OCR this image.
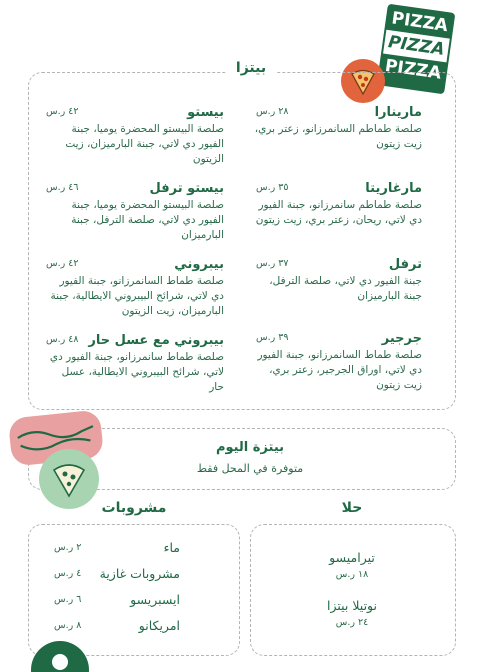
PIZZA
PIZZA
PIZZA
بيتزا
مارينارا
صلصة طماطم السانمرزانو، زعتر بري، زيت زيتون
٢٨ ر.س
مارغاريتا
صلصة طماطم سانمرزانو، جبنة الفيور دي لاتي، ريحان، زعتر بري، زيت زيتون
٣٥ ر.س
ترفل
جبنة الفيور دي لاتي، صلصة الترفل، جبنة البارميزان
٣٧ ر.س
جرجير
صلصة طماط السانمرزانو، جبنة الفيور دي لاتي، اوراق الجرجير، زعتر بري، زيت زيتون
٣٩ ر.س
بيستو
صلصة البيستو المحضرة يوميا، جبنة الفيور دي لاتي، جبنة البارميزان، زيت الزيتون
٤٢ ر.س
بيستو ترفل
صلصة البيستو المحضرة يوميا، جبنة الفيور دي لاتي، صلصة الترفل، جبنة البارميزان
٤٦ ر.س
بيبروني
صلصة طماط السانمرزانو، جبنة الفيور دي لاتي، شرائح البيبروني الايطالية، جبنة البارميزان، زيت الزيتون
٤٢ ر.س
بيبروني مع عسل حار
صلصة طماط سانمرزانو، جبنة الفيور دي لاتي، شرائح البيبروني الايطالية، عسل حار
٤٨ ر.س
بيتزة اليوم
متوفرة في المحل فقط
مشروبات
ماء
٢ ر.س
مشروبات غازية
٤ ر.س
ايسبريسو
٦ ر.س
امريكانو
٨ ر.س
حلا
تيراميسو
١٨ ر.س
نوتيلا بيتزا
٢٤ ر.س
